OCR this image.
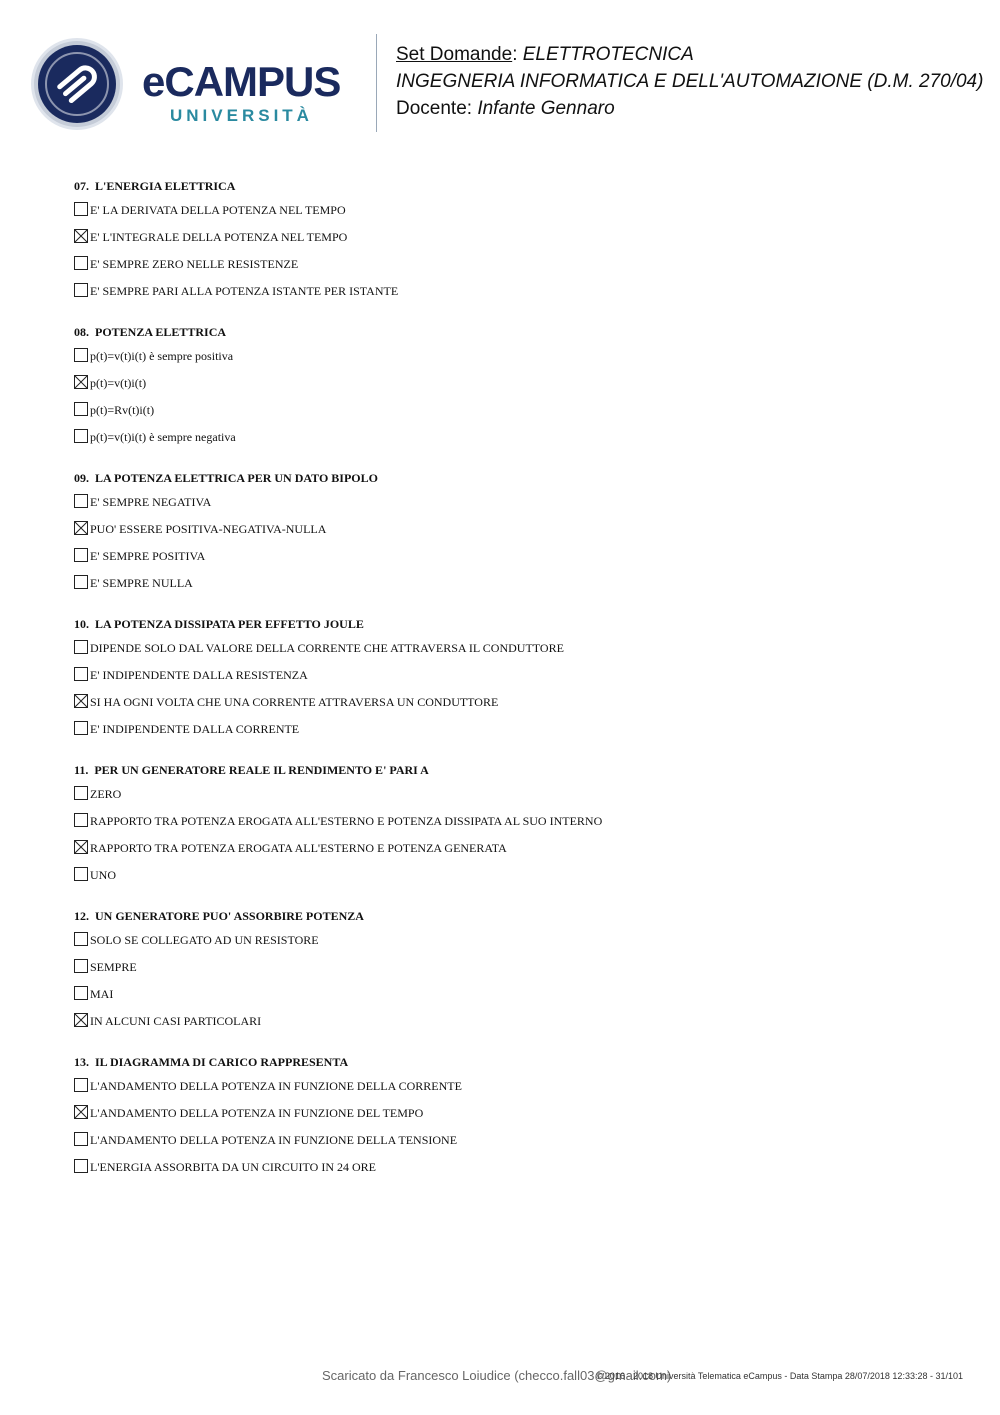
eCAMPUS
UNIVERSITÀ
Set Domande: ELETTROTECNICA
INGEGNERIA INFORMATICA E DELL'AUTOMAZIONE (D.M. 270/04)
Docente: Infante Gennaro
07. L'ENERGIA ELETTRICA
E' LA DERIVATA DELLA POTENZA NEL TEMPO
E' L'INTEGRALE DELLA POTENZA NEL TEMPO
E' SEMPRE ZERO NELLE RESISTENZE
E' SEMPRE PARI ALLA POTENZA ISTANTE PER ISTANTE
08. POTENZA ELETTRICA
p(t)=v(t)i(t) è sempre positiva
p(t)=v(t)i(t)
p(t)=Rv(t)i(t)
p(t)=v(t)i(t) è sempre negativa
09. LA POTENZA ELETTRICA PER UN DATO BIPOLO
E' SEMPRE NEGATIVA
PUO' ESSERE POSITIVA-NEGATIVA-NULLA
E' SEMPRE POSITIVA
E' SEMPRE NULLA
10. LA POTENZA DISSIPATA PER EFFETTO JOULE
DIPENDE SOLO DAL VALORE DELLA CORRENTE CHE ATTRAVERSA IL CONDUTTORE
E' INDIPENDENTE DALLA RESISTENZA
SI HA OGNI VOLTA CHE UNA CORRENTE ATTRAVERSA UN CONDUTTORE
E' INDIPENDENTE DALLA CORRENTE
11. PER UN GENERATORE REALE IL RENDIMENTO E' PARI A
ZERO
RAPPORTO TRA POTENZA EROGATA ALL'ESTERNO E POTENZA DISSIPATA AL SUO INTERNO
RAPPORTO TRA POTENZA EROGATA ALL'ESTERNO E POTENZA GENERATA
UNO
12. UN GENERATORE PUO' ASSORBIRE POTENZA
SOLO SE COLLEGATO AD UN RESISTORE
SEMPRE
MAI
IN ALCUNI CASI PARTICOLARI
13. IL DIAGRAMMA DI CARICO RAPPRESENTA
L'ANDAMENTO DELLA POTENZA IN FUNZIONE DELLA CORRENTE
L'ANDAMENTO DELLA POTENZA IN FUNZIONE DEL TEMPO
L'ANDAMENTO DELLA POTENZA IN FUNZIONE DELLA TENSIONE
L'ENERGIA ASSORBITA DA UN CIRCUITO IN 24 ORE
Scaricato da Francesco Loiudice (checco.fall03@gmail.com)
© 2016 - 2018 Università Telematica eCampus - Data Stampa 28/07/2018 12:33:28 - 31/101
